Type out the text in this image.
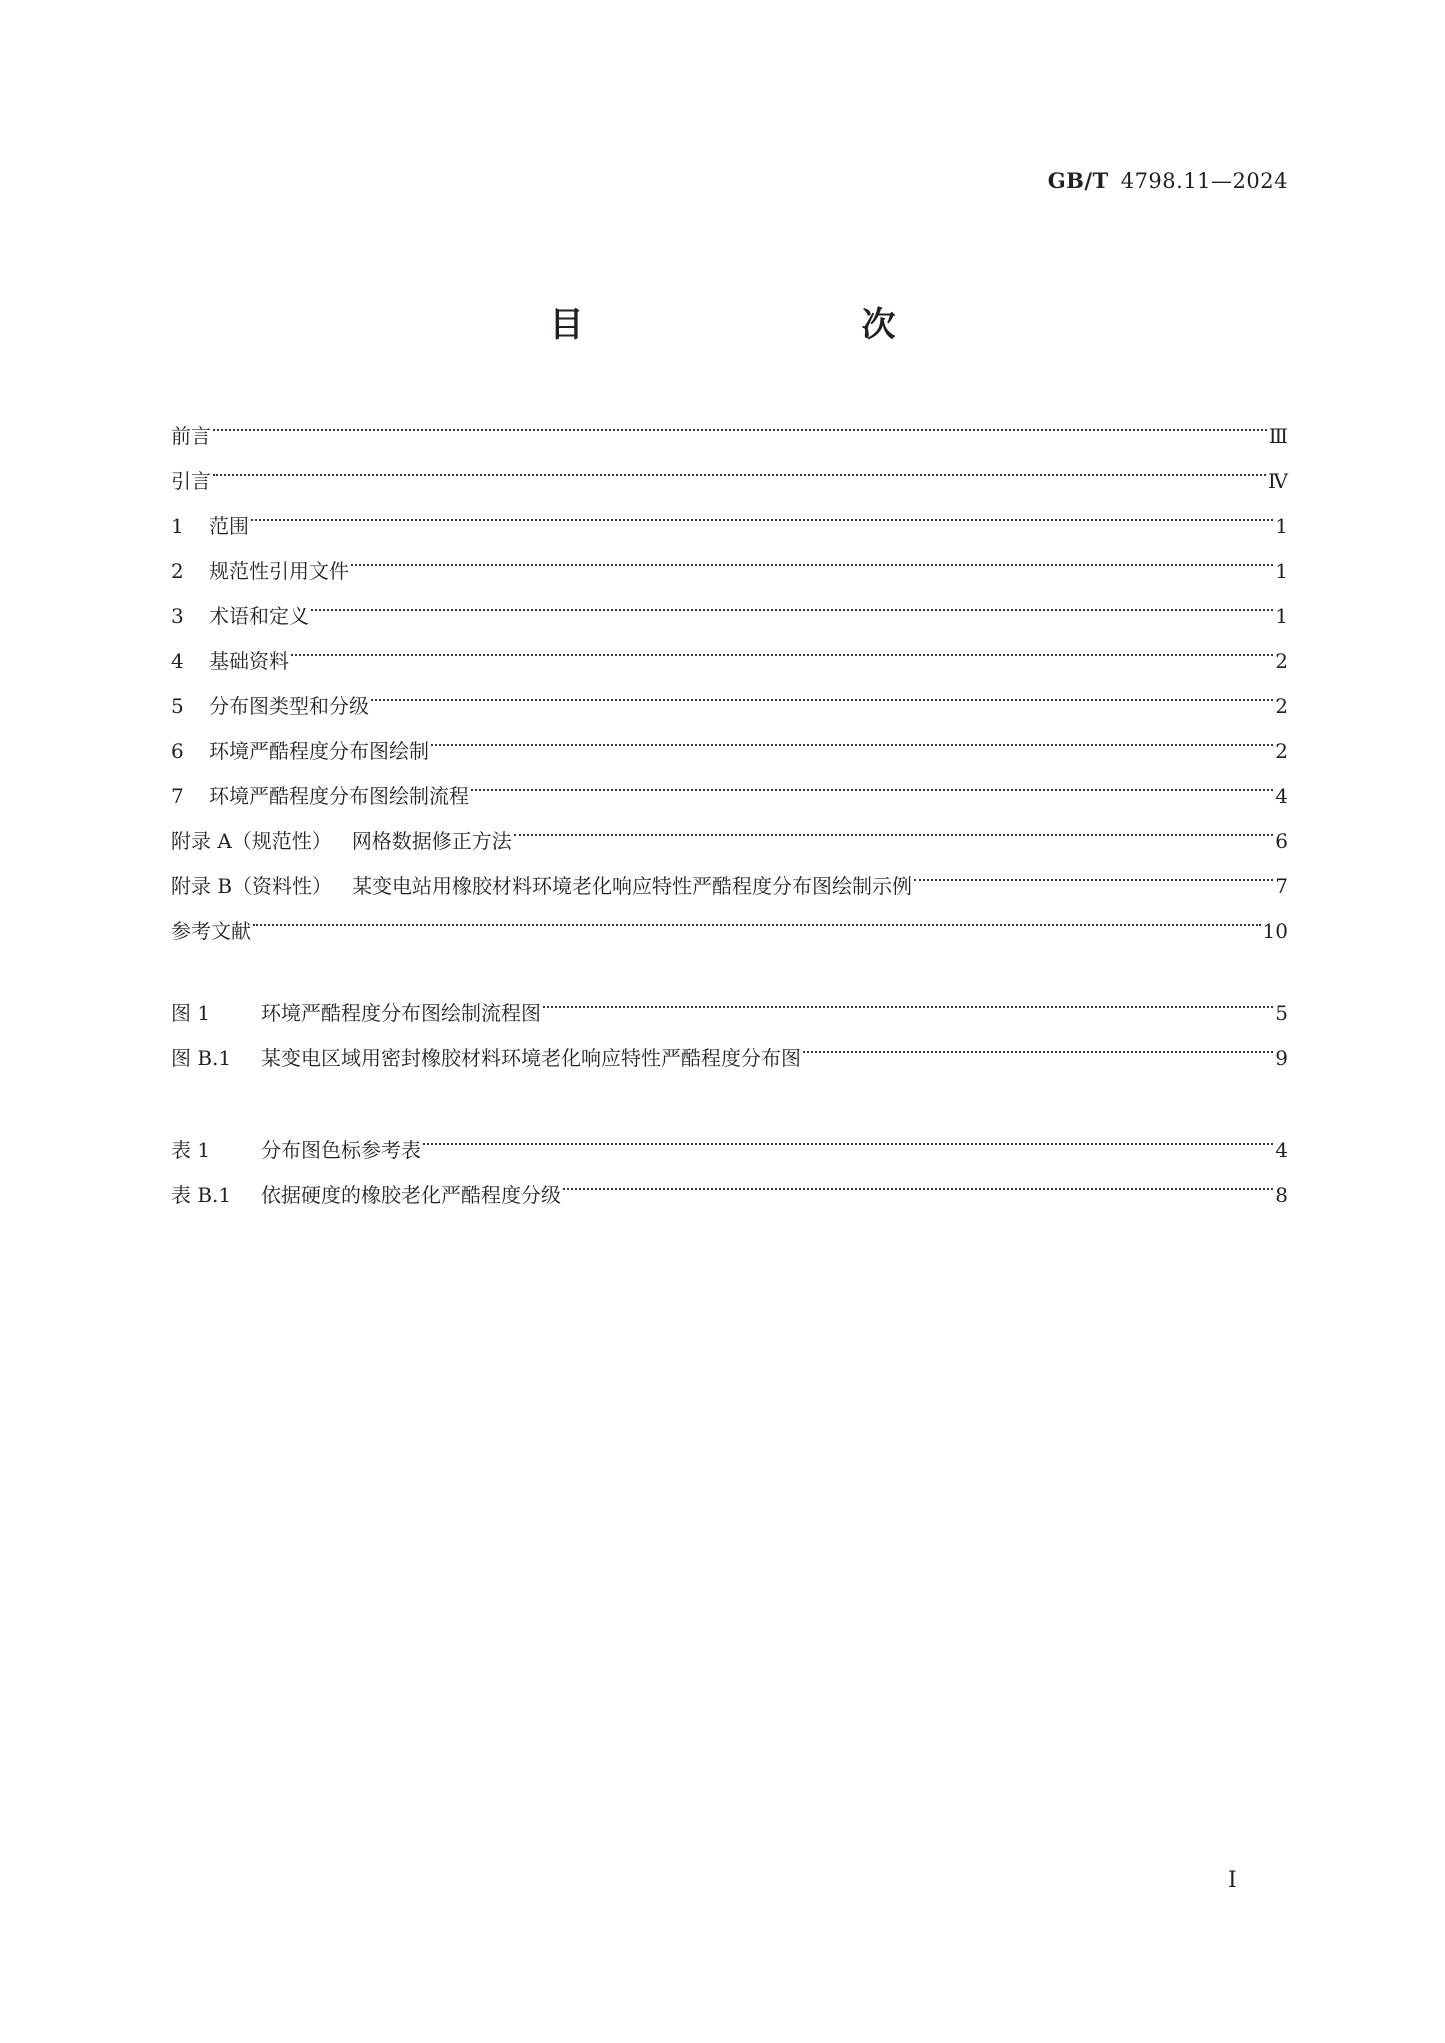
GB/T 4798.11—2024
目　　次
前言	Ⅲ
引言	Ⅳ
1	范围	1
2	规范性引用文件	1
3	术语和定义	1
4	基础资料	2
5	分布图类型和分级	2
6	环境严酷程度分布图绘制	2
7	环境严酷程度分布图绘制流程	4
附录 A（规范性） 网格数据修正方法	6
附录 B（资料性） 某变电站用橡胶材料环境老化响应特性严酷程度分布图绘制示例	7
参考文献	10
图 1	环境严酷程度分布图绘制流程图	5
图 B.1	某变电区域用密封橡胶材料环境老化响应特性严酷程度分布图	9
表 1	分布图色标参考表	4
表 B.1	依据硬度的橡胶老化严酷程度分级	8
I
